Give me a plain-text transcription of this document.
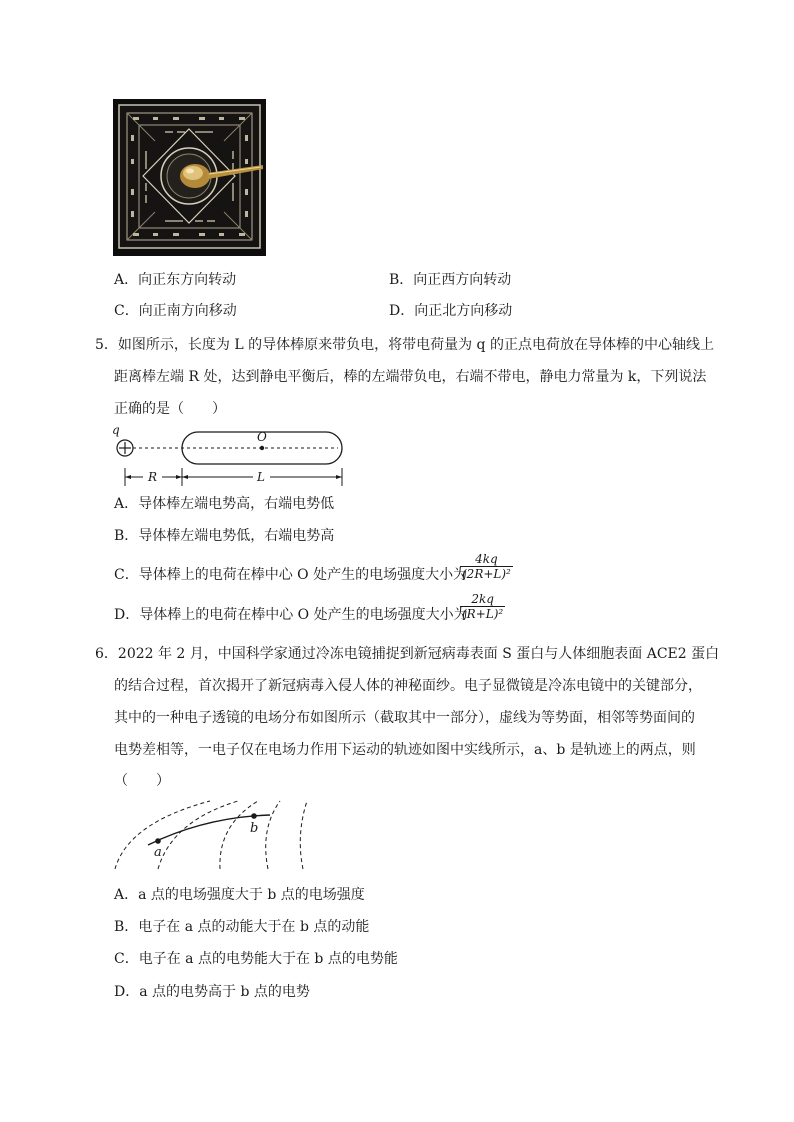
A．向正东方向转动	B．向正西方向转动
C．向正南方向移动	D．向正北方向移动
5．如图所示，长度为 L 的导体棒原来带负电，将带电荷量为 q 的正点电荷放在导体棒的中心轴线上
距离棒左端 R 处，达到静电平衡后，棒的左端带负电，右端不带电，静电力常量为 k，下列说法
正确的是（　　）
q	O
R	L
A．导体棒左端电势高，右端电势低
B．导体棒左端电势低，右端电势高
C．导体棒上的电荷在棒中心 O 处产生的电场强度大小为
4kq
(2R+L)²
D．导体棒上的电荷在棒中心 O 处产生的电场强度大小为
2kq
(R+L)²
6．2022 年 2 月，中国科学家通过冷冻电镜捕捉到新冠病毒表面 S 蛋白与人体细胞表面 ACE2 蛋白
的结合过程，首次揭开了新冠病毒入侵人体的神秘面纱。电子显微镜是冷冻电镜中的关键部分，
其中的一种电子透镜的电场分布如图所示（截取其中一部分），虚线为等势面，相邻等势面间的
电势差相等，一电子仅在电场力作用下运动的轨迹如图中实线所示，a、b 是轨迹上的两点，则
（　　）
a
b
A．a 点的电场强度大于 b 点的电场强度
B．电子在 a 点的动能大于在 b 点的动能
C．电子在 a 点的电势能大于在 b 点的电势能
D．a 点的电势高于 b 点的电势
